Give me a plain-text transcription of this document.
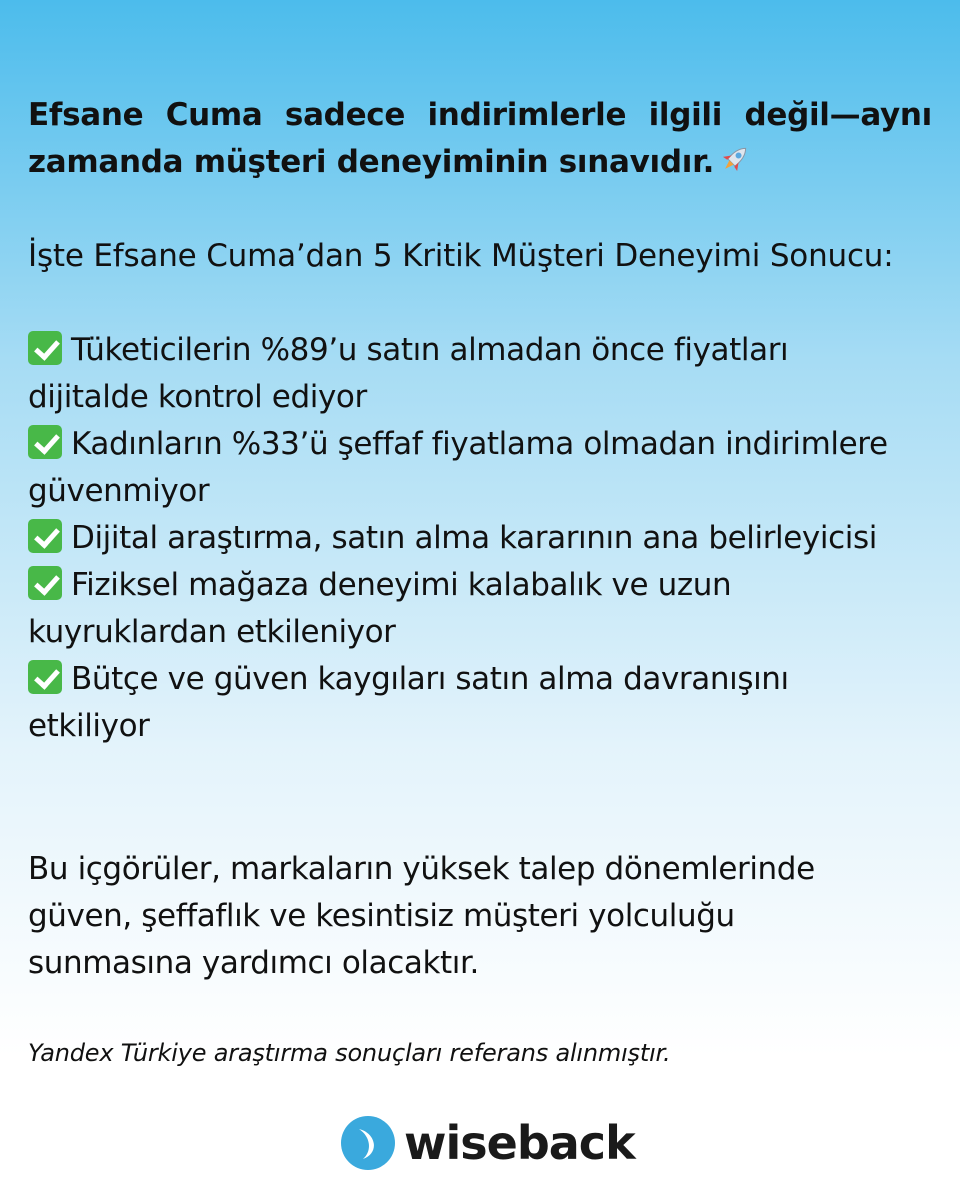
Efsane Cuma sadece indirimlerle ilgili değil—aynı zamanda müşteri deneyiminin sınavıdır.
İşte Efsane Cuma’dan 5 Kritik Müşteri Deneyimi Sonucu:
Tüketicilerin %89’u satın almadan önce fiyatları dijitalde kontrol ediyor
Kadınların %33’ü şeffaf fiyatlama olmadan indirimlere güvenmiyor
Dijital araştırma, satın alma kararının ana belirleyicisi
Fiziksel mağaza deneyimi kalabalık ve uzun kuyruklardan etkileniyor
Bütçe ve güven kaygıları satın alma davranışını etkiliyor
Bu içgörüler, markaların yüksek talep dönemlerinde güven, şeffaflık ve kesintisiz müşteri yolculuğu sunmasına yardımcı olacaktır.
Yandex Türkiye araştırma sonuçları referans alınmıştır.
wiseback
